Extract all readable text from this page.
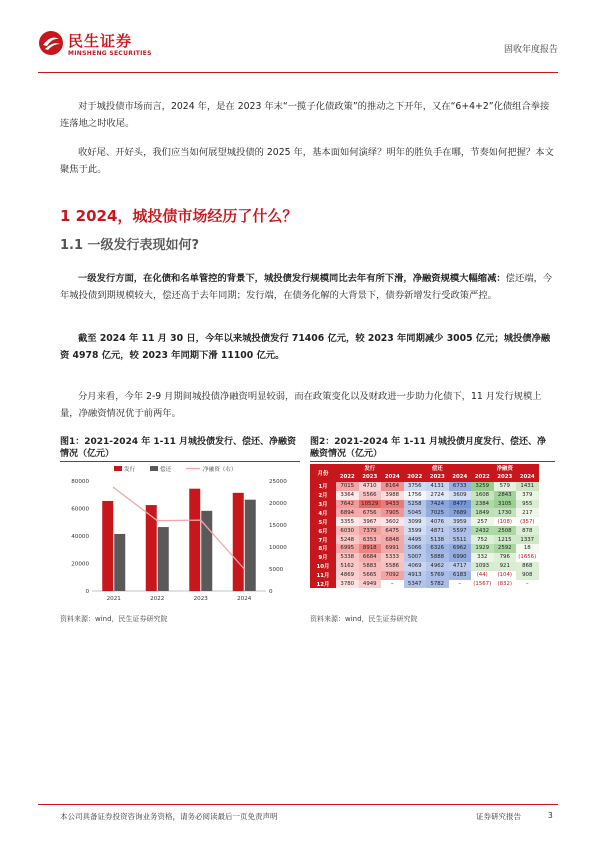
民生证券
MINSHENG SECURITIES	固收年度报告
对于城投债市场而言，2024 年，是在 2023 年末“一揽子化债政策”的推动之下开年，又在“6+4+2”化债组合拳接连落地之时收尾。
收好尾、开好头，我们应当如何展望城投债的 2025 年，基本面如何演绎？明年的胜负手在哪，节奏如何把握？本文聚焦于此。
1 2024，城投债市场经历了什么？
1.1 一级发行表现如何?
一级发行方面，在化债和名单管控的背景下，城投债发行规模同比去年有所下滑，净融资规模大幅缩减：偿还端，今年城投债到期规模较大，偿还高于去年同期；发行端，在债务化解的大背景下，债券新增发行受政策严控。
截至 2024 年 11 月 30 日，今年以来城投债发行 71406 亿元，较 2023 年同期减少 3005 亿元；城投债净融资 4978 亿元，较 2023 年同期下滑 11100 亿元。
分月来看，今年 2-9 月期间城投债净融资明显较弱，而在政策变化以及财政进一步助力化债下，11 月发行规模上量，净融资情况优于前两年。
图1：2021-2024 年 1-11 月城投债发行、偿还、净融资情况（亿元）
0
20000
40000
60000
80000
0
5000
10000
15000
20000
25000
2021	2022	2023	2024
发行	偿还	净融资（右）
资料来源：wind，民生证券研究院
图2：2021-2024 年 1-11 月城投债月度发行、偿还、净融资情况（亿元）
月份	发行			偿还			净融资		
	2022	2023	2024	2022	2023	2024	2022	2023	2024
1月	7015	4710	8164	3756	4131	6733	3259	579	1431
2月	3364	5566	3988	1756	2724	3609	1608	2843	379
3月	7642	10529	9433	5258	7424	8477	2384	3105	955
4月	6894	6756	7905	5045	7025	7689	1849	1730	217
5月	3355	3967	3602	3099	4076	3959	257	(108)	(357)
6月	6030	7379	6475	3599	4871	5597	2432	2508	878
7月	5248	6353	6848	4495	5138	5511	752	1215	1337
8月	6995	8918	6991	5066	6326	6962	1929	2592	18
9月	5338	6684	5333	5007	5888	6990	332	796	(1656)
10月	5162	5883	5586	4069	4962	4717	1093	921	868
11月	4869	5665	7092	4913	5769	6183	(44)	(104)	908
12月	3780	4949	–	5347	5782	–	(1567)	(832)	–
资料来源：wind，民生证券研究院
本公司具备证券投资咨询业务资格，请务必阅读最后一页免责声明	证券研究报告	3
